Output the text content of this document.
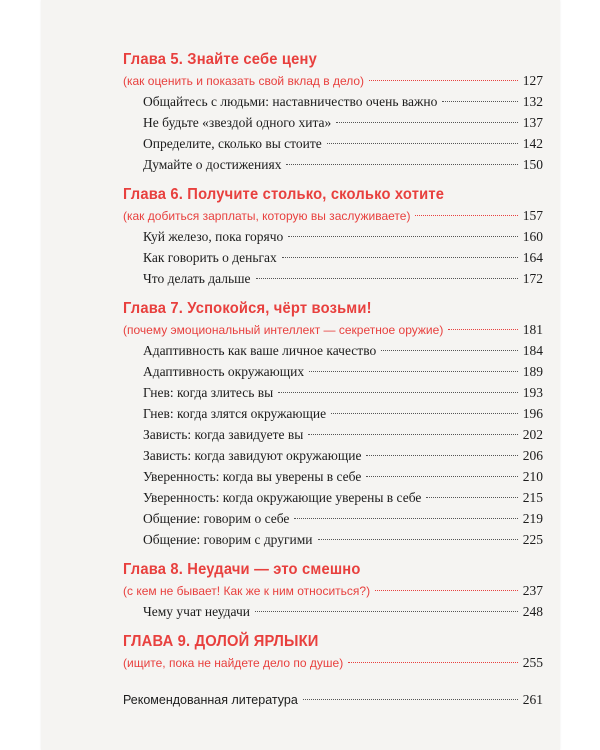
Глава 5. Знайте себе цену
(как оценить и показать свой вклад в дело)	127
Общайтесь с людьми: наставничество очень важно	132
Не будьте «звездой одного хита»	137
Определите, сколько вы стоите	142
Думайте о достижениях	150
Глава 6. Получите столько, сколько хотите
(как добиться зарплаты, которую вы заслуживаете)	157
Куй железо, пока горячо	160
Как говорить о деньгах	164
Что делать дальше	172
Глава 7. Успокойся, чёрт возьми!
(почему эмоциональный интеллект — секретное оружие)	181
Адаптивность как ваше личное качество	184
Адаптивность окружающих	189
Гнев: когда злитесь вы	193
Гнев: когда злятся окружающие	196
Зависть: когда завидуете вы	202
Зависть: когда завидуют окружающие	206
Уверенность: когда вы уверены в себе	210
Уверенность: когда окружающие уверены в себе	215
Общение: говорим о себе	219
Общение: говорим с другими	225
Глава 8. Неудачи — это смешно
(с кем не бывает! Как же к ним относиться?)	237
Чему учат неудачи	248
ГЛАВА 9. ДОЛОЙ ЯРЛЫКИ
(ищите, пока не найдете дело по душе)	255
Рекомендованная литература	261
